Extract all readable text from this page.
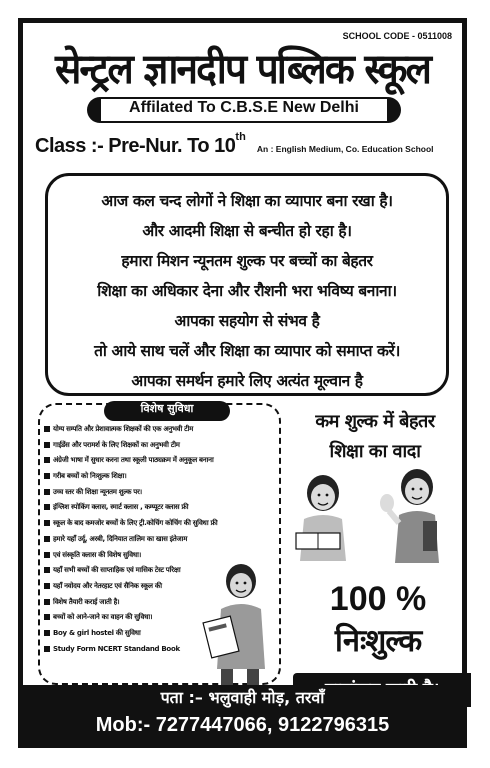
SCHOOL CODE - 0511008
सेन्ट्रल ज्ञानदीप पब्लिक स्कूल
Affilated To C.B.S.E New Delhi
Class :- Pre-Nur. To 10th An : English Medium, Co. Education School
आज कल चन्द लोगों ने शिक्षा का व्यापार बना रखा है।
और आदमी शिक्षा से बन्चीत हो रहा है।
हमारा मिशन न्यूनतम शुल्क पर बच्चों का बेहतर
शिक्षा का अधिकार देना और रौशनी भरा भविष्य बनाना।
आपका सहयोग से संभव है
तो आये साथ चलें और शिक्षा का व्यापार को समाप्त करें।
आपका समर्थन हमारे लिए अत्यंत मूल्वान है
विशेष सुविधा
योग्य सम्पति और प्रेशावात्मक शिक्षकों की एक अनुभवी टीम
गाईडेंस और परामर्श के लिए शिक्षकों का अनुभवी टीम
अंग्रेजी भाषा में सुधार करना तथा स्कूली पाठ्यक्रम में अनुकूल बनाना
गरीब बच्चों को निःशुल्क शिक्षा।
उच्च स्तर की शिक्षा न्यूनतम शुल्क पर।
इंग्लिश स्पोकिंग क्लास, स्मार्ट क्लास , कम्प्यूटर क्लास फ्री
स्कूल के बाद कमजोर बच्चों के लिए ट्री.कोचिंग कोचिंग की सुविधा फ्री
हमारे यहाँ उर्दू, अरबी, दिनियात तालिम का खास इंतेजाम
एवं संस्कृति क्लास की विशेष सुविधा।
यहाँ सभी बच्चों की साप्ताहिक एवं मासिक टेस्ट परिक्षा
यहाँ नवोदय और नेतरहाट एवं सैनिक स्कूल की
विशेष तैयारी कराई जाती है।
बच्चों को आने-जाने का वाहन की सुविधा।
Boy & girl hostel की सुविधा
Study Form NCERT Standand Book
कम शुल्क में बेहतर
शिक्षा का वादा
100 %
निःशुल्क
पता :– भलुवाही मोड़, तरवाँ
Mob:- 7277447066, 9122796315
